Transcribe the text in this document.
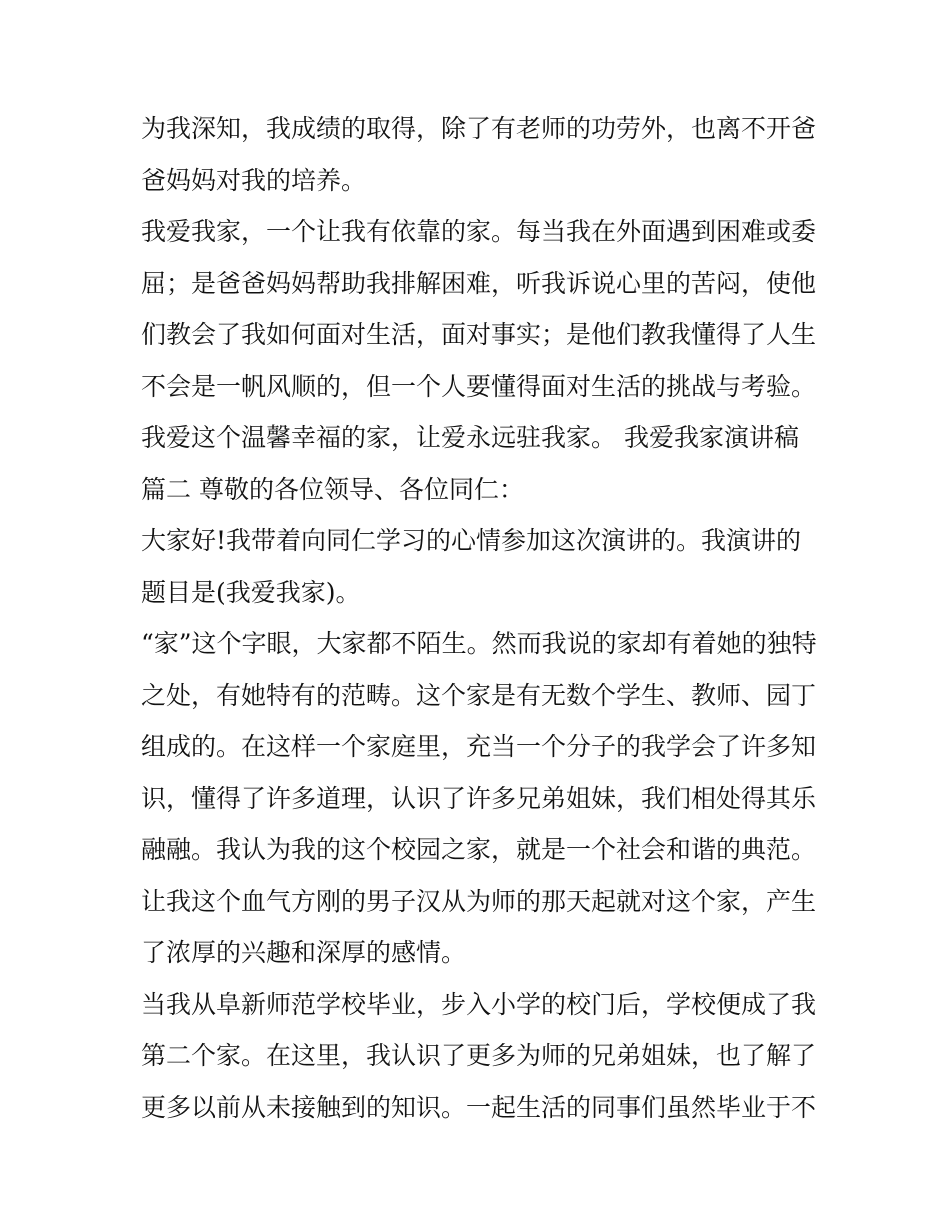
为我深知，我成绩的取得，除了有老师的功劳外，也离不开爸
爸妈妈对我的培养。
我爱我家，一个让我有依靠的家。每当我在外面遇到困难或委
屈；是爸爸妈妈帮助我排解困难，听我诉说心里的苦闷，使他
们教会了我如何面对生活，面对事实；是他们教我懂得了人生
不会是一帆风顺的，但一个人要懂得面对生活的挑战与考验。
我爱这个温馨幸福的家，让爱永远驻我家。 我爱我家演讲稿
篇二 尊敬的各位领导、各位同仁：
大家好!我带着向同仁学习的心情参加这次演讲的。我演讲的
题目是(我爱我家)。
“家”这个字眼，大家都不陌生。然而我说的家却有着她的独特
之处，有她特有的范畴。这个家是有无数个学生、教师、园丁
组成的。在这样一个家庭里，充当一个分子的我学会了许多知
识，懂得了许多道理，认识了许多兄弟姐妹，我们相处得其乐
融融。我认为我的这个校园之家，就是一个社会和谐的典范。
让我这个血气方刚的男子汉从为师的那天起就对这个家，产生
了浓厚的兴趣和深厚的感情。
当我从阜新师范学校毕业，步入小学的校门后，学校便成了我
第二个家。在这里，我认识了更多为师的兄弟姐妹，也了解了
更多以前从未接触到的知识。一起生活的同事们虽然毕业于不
